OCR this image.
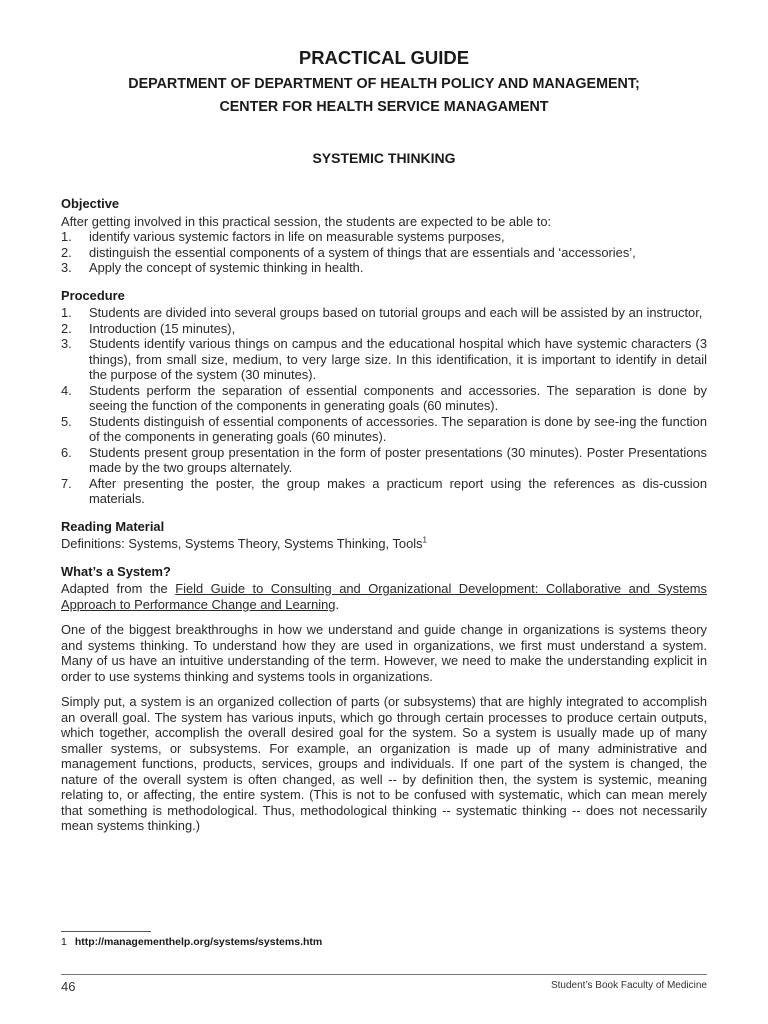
PRACTICAL GUIDE
DEPARTMENT OF DEPARTMENT OF HEALTH POLICY AND MANAGEMENT;
CENTER FOR HEALTH SERVICE MANAGAMENT
SYSTEMIC THINKING
Objective

After getting involved in this practical session, the students are expected to be able to:

1. identify various systemic factors in life on measurable systems purposes,
2. distinguish the essential components of a system of things that are essentials and ‘accessories’,
3. Apply the concept of systemic thinking in health.
Procedure
1. Students are divided into several groups based on tutorial groups and each will be assisted by an instructor,
2. Introduction (15 minutes),
3. Students identify various things on campus and the educational hospital which have systemic characters (3 things), from small size, medium, to very large size. In this identification, it is important to identify in detail the purpose of the system (30 minutes).
4. Students perform the separation of essential components and accessories. The separation is done by seeing the function of the components in generating goals (60 minutes).
5. Students distinguish of essential components of accessories. The separation is done by see-ing the function of the components in generating goals (60 minutes).
6. Students present group presentation in the form of poster presentations (30 minutes). Poster Presentations made by the two groups alternately.
7. After presenting the poster, the group makes a practicum report using the references as dis-cussion materials.
Reading Material

Definitions: Systems, Systems Theory, Systems Thinking, Tools$^1$

What’s a System?

Adapted from the Field Guide to Consulting and Organizational Development: Collaborative and Systems Approach to Performance Change and Learning.

One of the biggest breakthroughs in how we understand and guide change in organizations is systems theory and systems thinking. To understand how they are used in organizations, we first must understand a system. Many of us have an intuitive understanding of the term. However, we need to make the understanding explicit in order to use systems thinking and systems tools in organizations.

Simply put, a system is an organized collection of parts (or subsystems) that are highly integrated to accomplish an overall goal. The system has various inputs, which go through certain processes to produce certain outputs, which together, accomplish the overall desired goal for the system. So a system is usually made up of many smaller systems, or subsystems. For example, an organization is made up of many administrative and management functions, products, services, groups and individuals. If one part of the system is changed, the nature of the overall system is often changed, as well -- by definition then, the system is systemic, meaning relating to, or affecting, the entire system. (This is not to be confused with systematic, which can mean merely that something is methodological. Thus, methodological thinking -- systematic thinking -- does not necessarily mean systems thinking.)

1 http://managementhelp.org/systems/systems.htm
46	Student’s Book Faculty of Medicine
